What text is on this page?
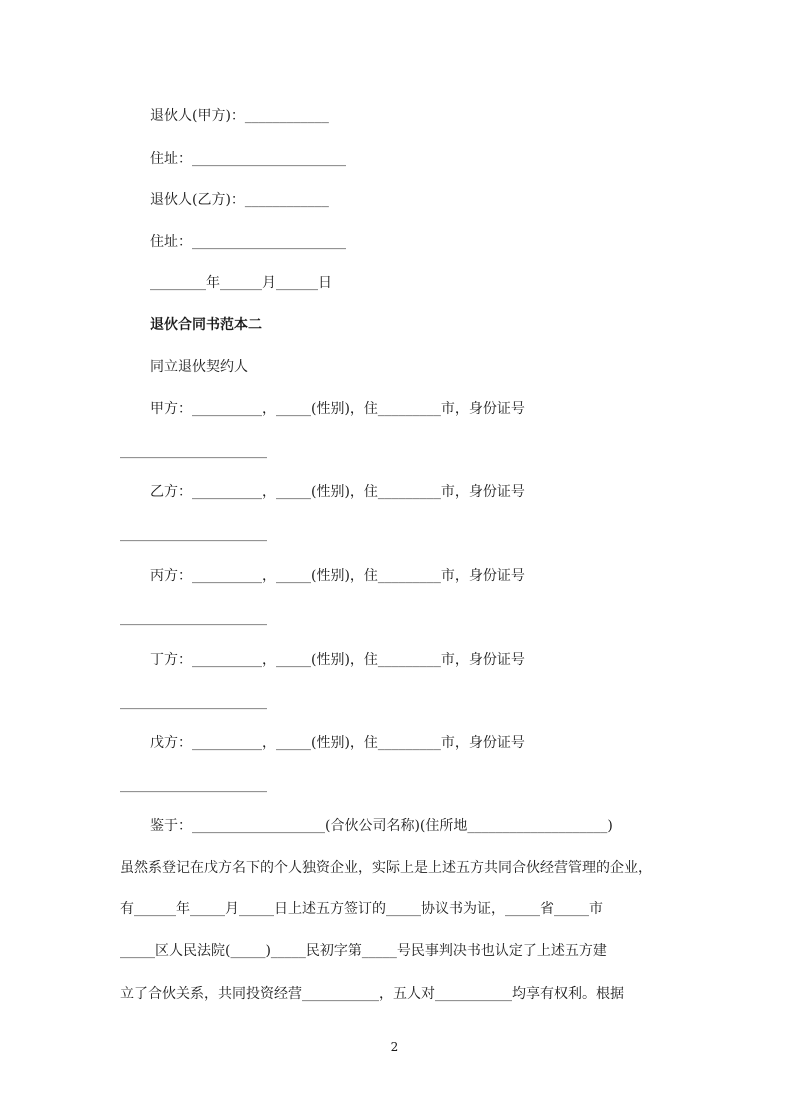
退伙人(甲方)：____________
住址：______________________
退伙人(乙方)：____________
住址：______________________
________年______月______日
退伙合同书范本二
同立退伙契约人
甲方：__________，_____(性别)，住_________市，身份证号
_____________________
乙方：__________，_____(性别)，住_________市，身份证号
_____________________
丙方：__________，_____(性别)，住_________市，身份证号
_____________________
丁方：__________，_____(性别)，住_________市，身份证号
_____________________
戊方：__________，_____(性别)，住_________市，身份证号
_____________________
鉴于：___________________(合伙公司名称)(住所地____________________)
虽然系登记在戊方名下的个人独资企业，实际上是上述五方共同合伙经营管理的企业，
有______年_____月_____日上述五方签订的_____协议书为证，_____省_____市
_____区人民法院(_____)_____民初字第_____号民事判决书也认定了上述五方建
立了合伙关系，共同投资经营___________，五人对___________均享有权利。根据
2
